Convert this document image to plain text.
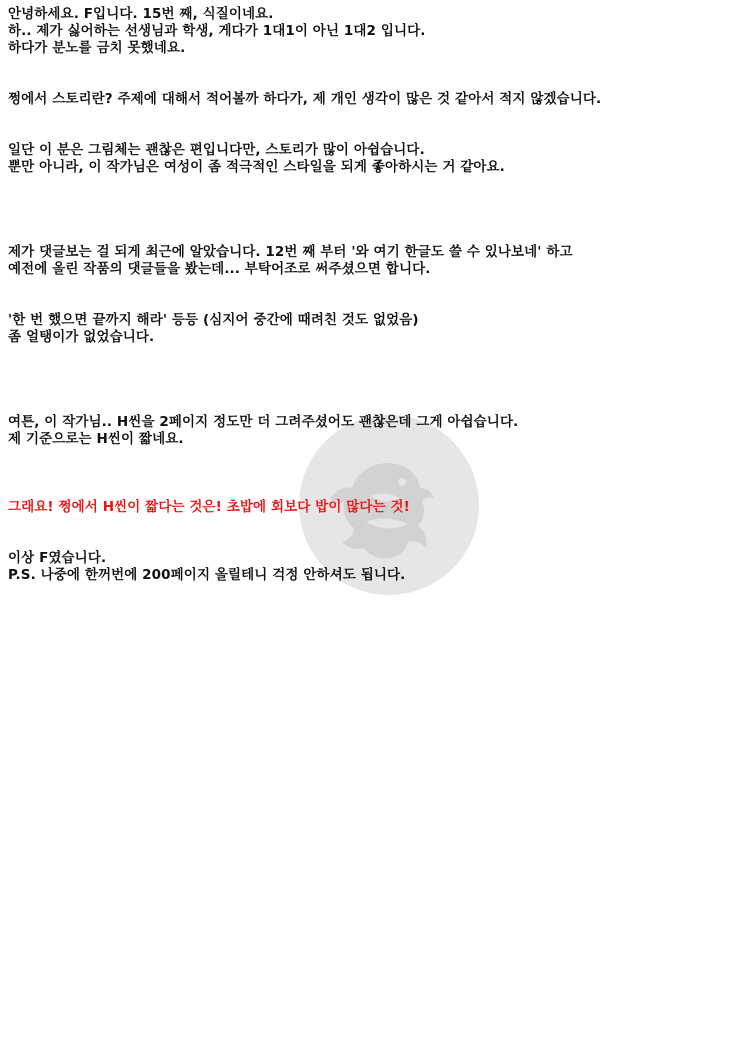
안녕하세요. F입니다. 15번 째, 식질이네요.
하.. 제가 싫어하는 선생님과 학생, 게다가 1대1이 아닌 1대2 입니다.
하다가 분노를 금치 못했네요.
쩡에서 스토리란? 주제에 대해서 적어볼까 하다가, 제 개인 생각이 많은 것 같아서 적지 않겠습니다.
일단 이 분은 그림체는 괜찮은 편입니다만, 스토리가 많이 아쉽습니다.
뿐만 아니라, 이 작가님은 여성이 좀 적극적인 스타일을 되게 좋아하시는 거 같아요.
제가 댓글보는 걸 되게 최근에 알았습니다. 12번 째 부터 '와 여기 한글도 쓸 수 있나보네' 하고
예전에 올린 작품의 댓글들을 봤는데... 부탁어조로 써주셨으면 합니다.
'한 번 했으면 끝까지 해라' 등등 (심지어 중간에 때려친 것도 없었음)
좀 얼탱이가 없었습니다.
여튼, 이 작가님.. H씬을 2페이지 정도만 더 그려주셨어도 괜찮은데 그게 아쉽습니다.
제 기준으로는 H씬이 짧네요.
그래요! 쩡에서 H씬이 짧다는 것은! 초밥에 회보다 밥이 많다는 것!
이상 F였습니다.
P.S. 나중에 한꺼번에 200페이지 올릴테니 걱정 안하셔도 됩니다.
